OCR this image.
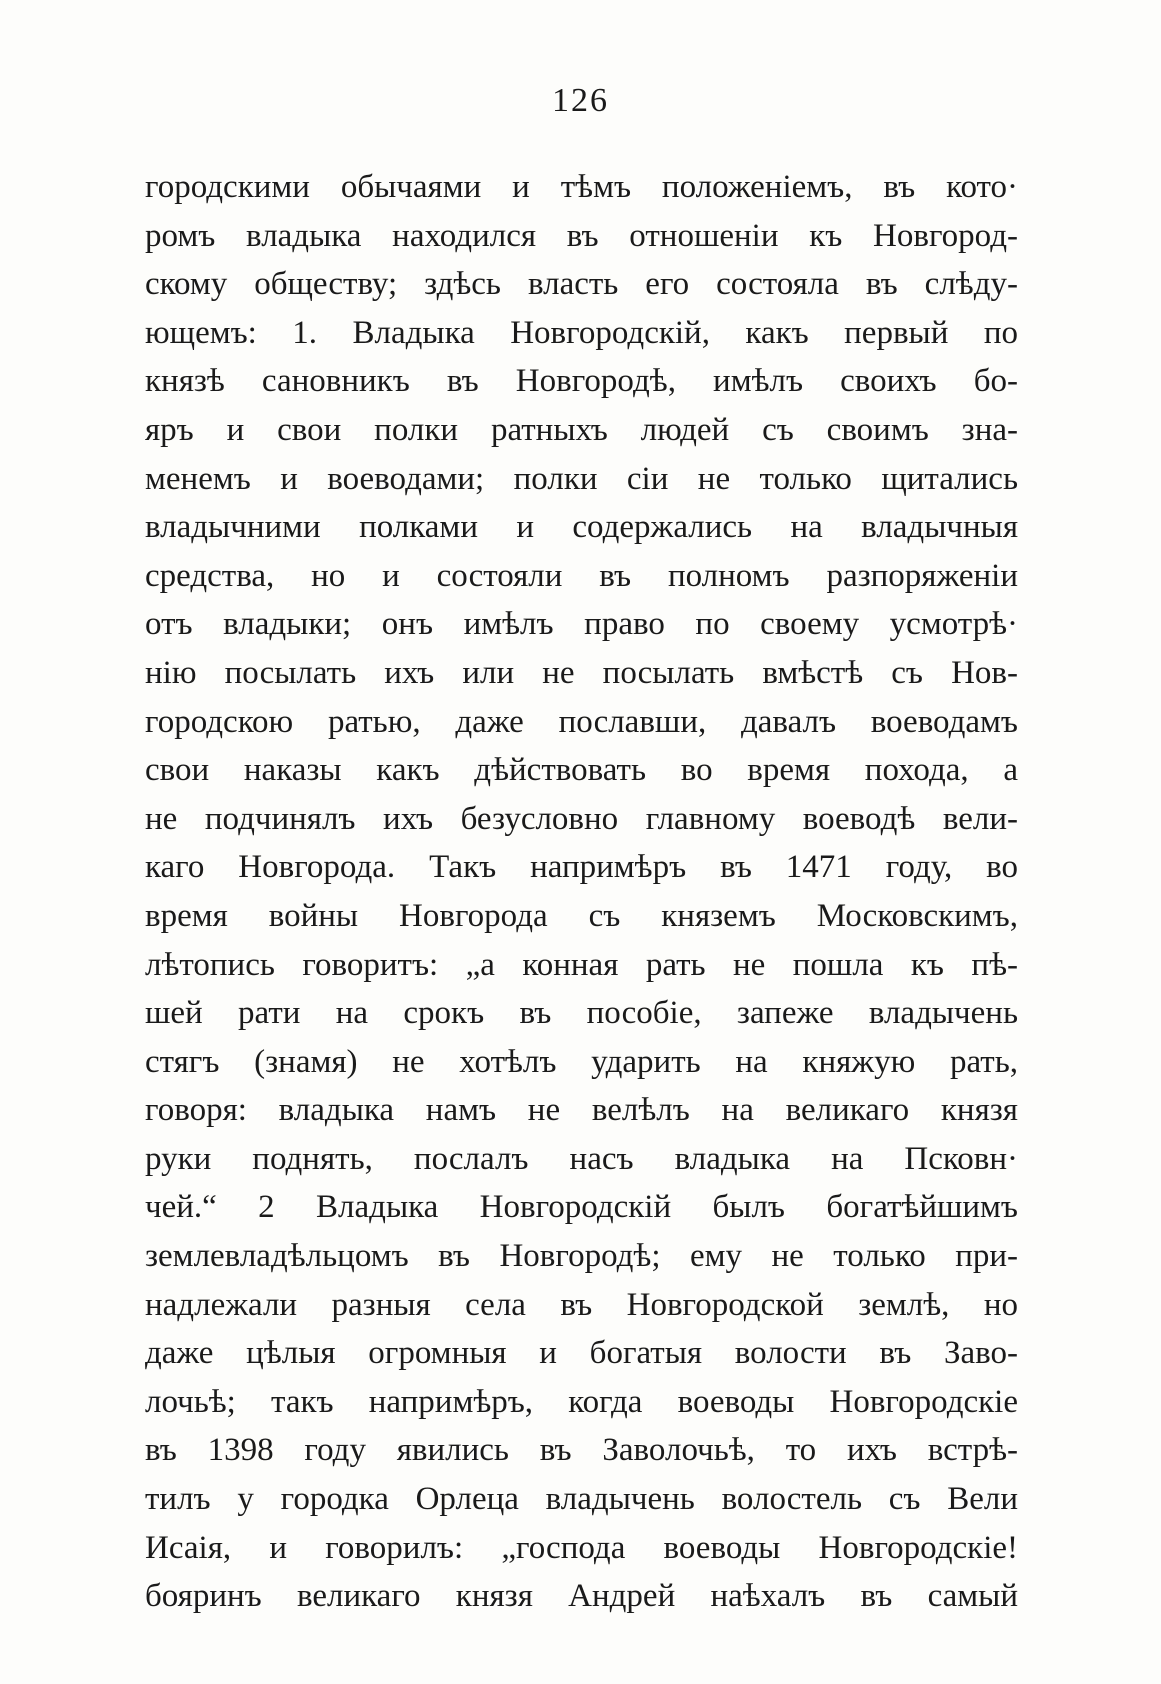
126
городскими обычаями и тѣмъ положенiемъ, въ кото·
ромъ владыка находился въ отношенiи къ Новгород-
скому обществу; здѣсь власть его состояла въ слѣду-
ющемъ: 1. Владыка Новгородскiй, какъ первый по
князѣ сановникъ въ Новгородѣ, имѣлъ своихъ бо-
яръ и свои полки ратныхъ людей съ своимъ зна-
менемъ и воеводами; полки сiи не только щитались
владычними полками и содержались на владычныя
средства, но и состояли въ полномъ разпоряженiи
отъ владыки; онъ имѣлъ право по своему усмотрѣ·
нiю посылать ихъ или не посылать вмѣстѣ съ Нов-
городскою ратью, даже пославши, давалъ воеводамъ
свои наказы какъ дѣйствовать во время похода, а
не подчинялъ ихъ безусловно главному воеводѣ вели-
каго Новгорода. Такъ напримѣръ въ 1471 году, во
время войны Новгорода съ княземъ Московскимъ,
лѣтопись говоритъ: „а конная рать не пошла къ пѣ-
шей рати на срокъ въ пособiе, запеже владычень
стягъ (знамя) не хотѣлъ ударить на княжую рать,
говоря: владыка намъ не велѣлъ на великаго князя
руки поднять, послалъ насъ владыка на Псковн·
чей.“ 2 Владыка Новгородскiй былъ богатѣйшимъ
землевладѣльцомъ въ Новгородѣ; ему не только при-
надлежали разныя села въ Новгородской землѣ, но
даже цѣлыя огромныя и богатыя волости въ Заво-
лочьѣ; такъ напримѣръ, когда воеводы Новгородскiе
въ 1398 году явились въ Заволочьѣ, то ихъ встрѣ-
тилъ у городка Орлеца владычень волостель съ Вели
Исаiя, и говорилъ: „господа воеводы Новгородскiе!
бояринъ великаго князя Андрей наѣхалъ въ самый
